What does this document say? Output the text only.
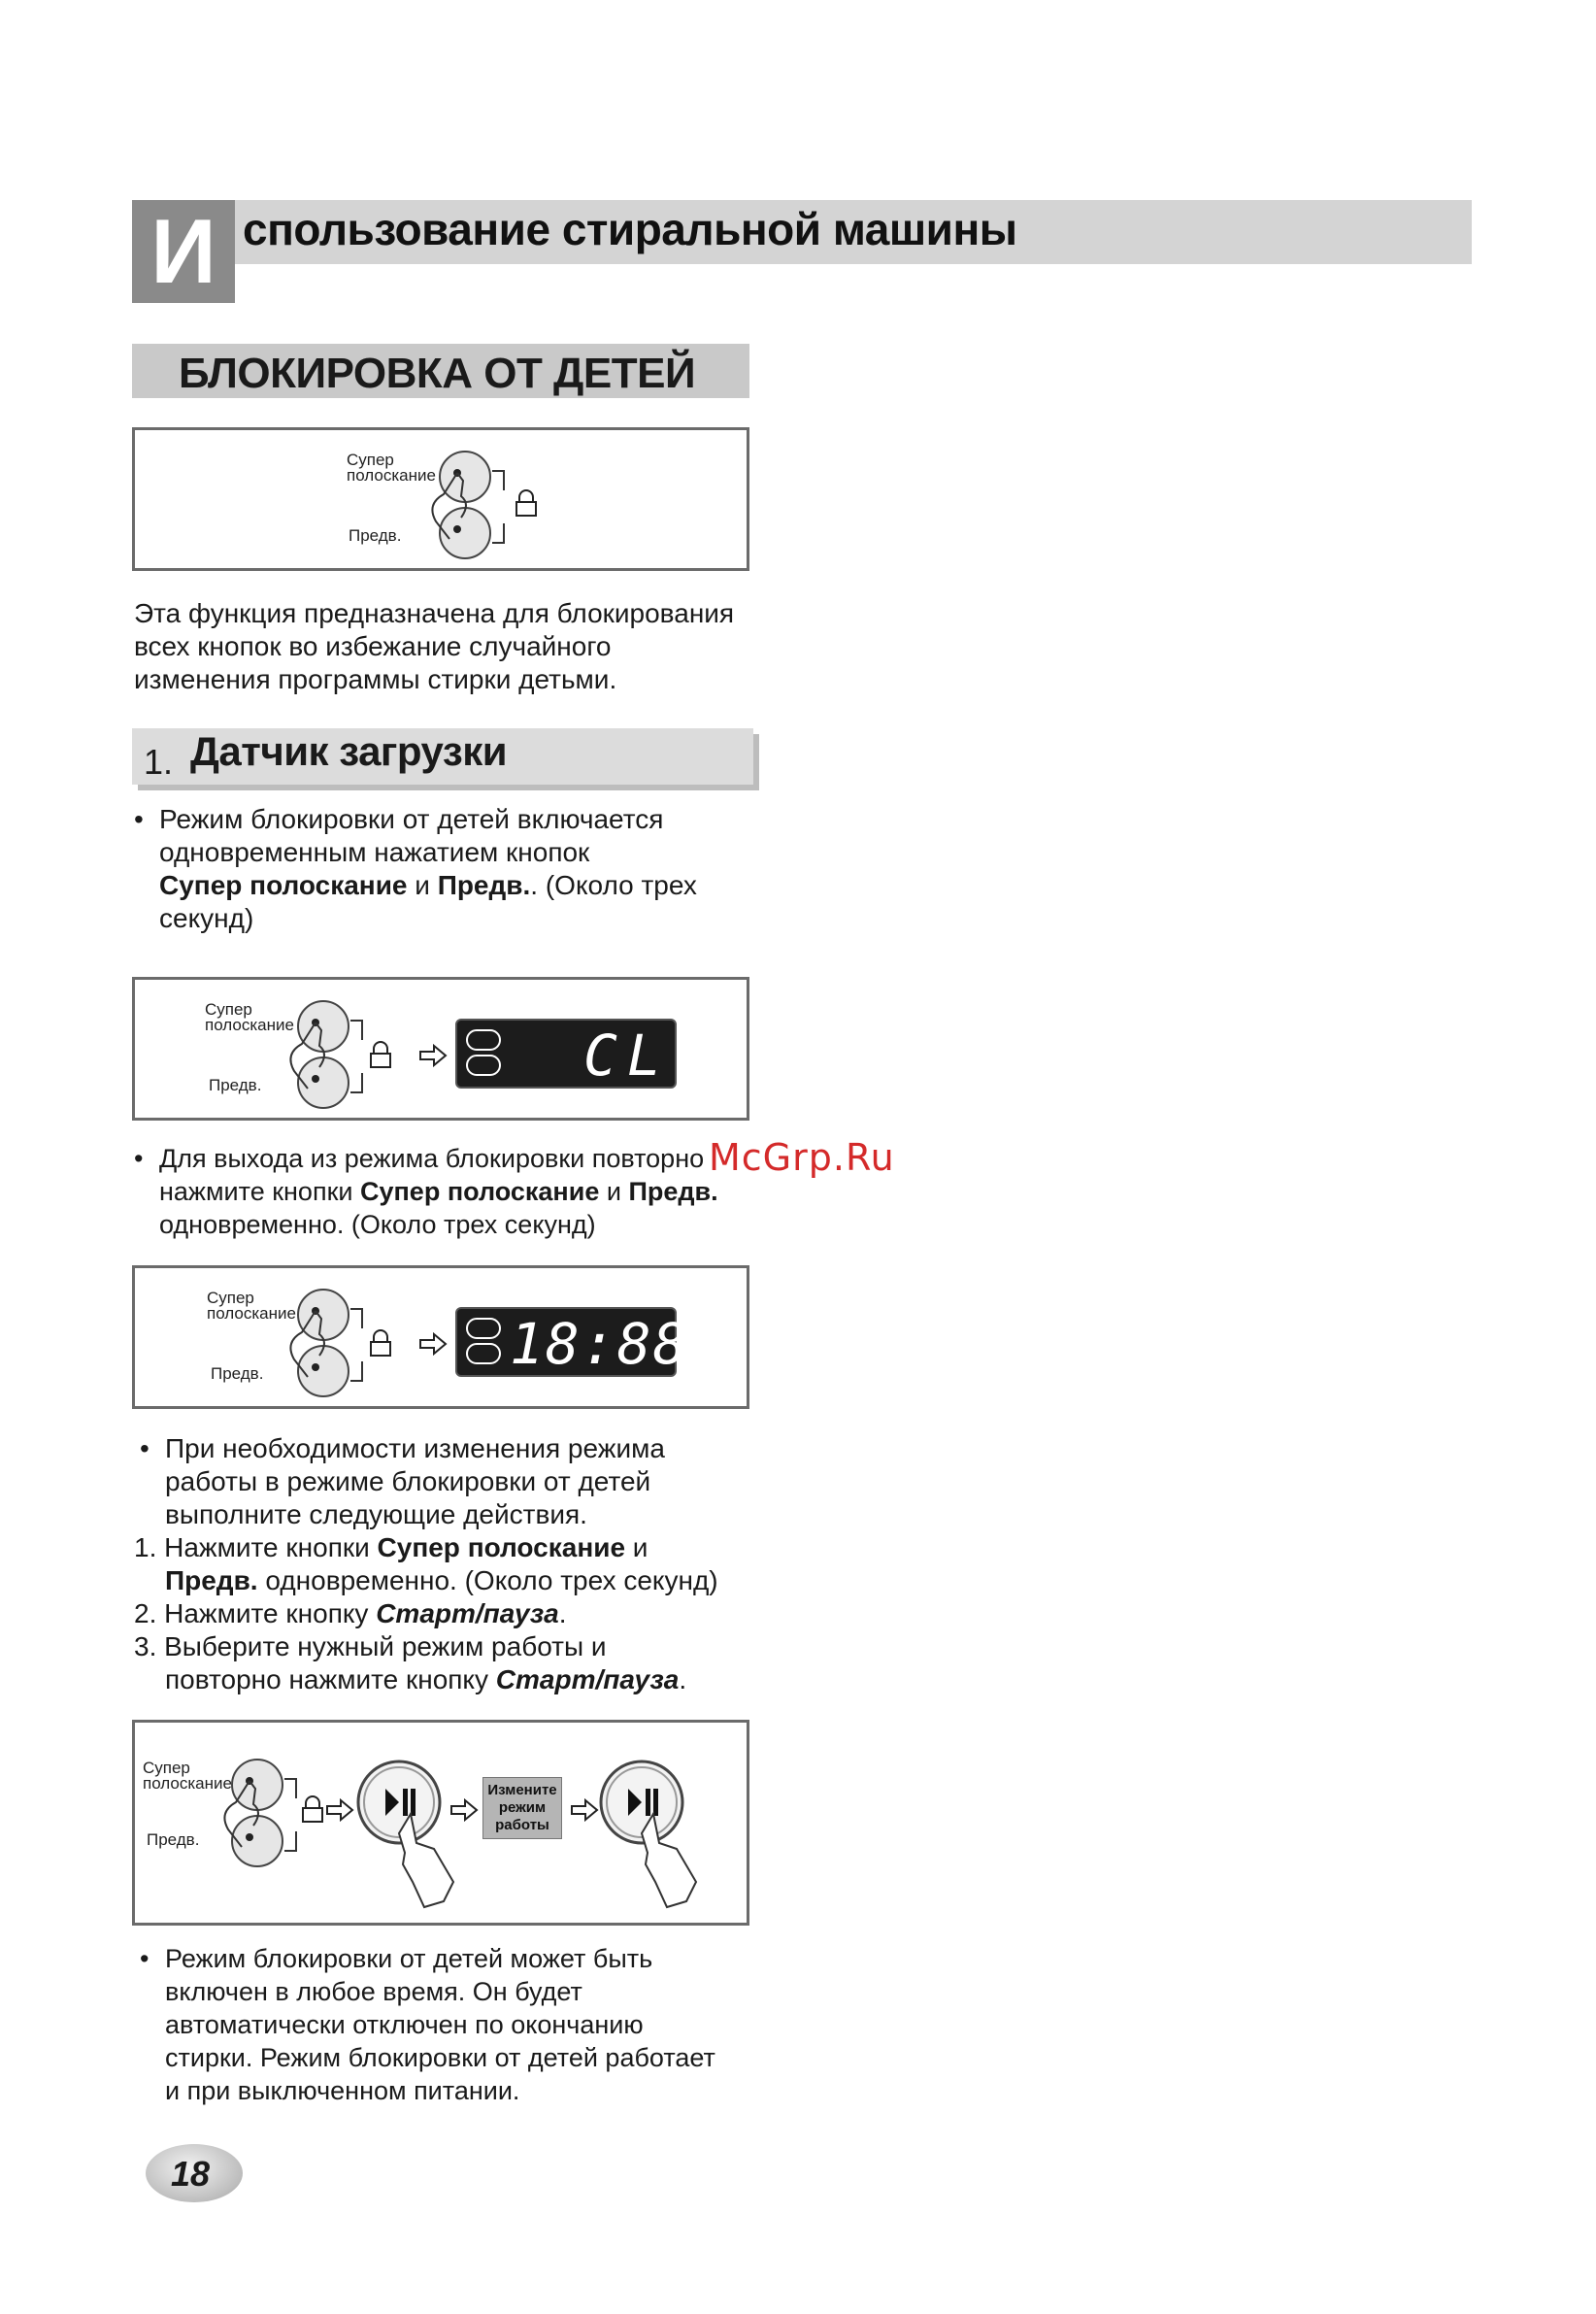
И спользование стиральной машины
БЛОКИРОВКА ОТ ДЕТЕЙ
Супер
полоскание
Предв.
Эта функция предназначена для блокирования
всех кнопок во избежание случайного
изменения программы стирки детьми.
1. Датчик загрузки
• Режим блокировки от детей включается
одновременным нажатием кнопок
Супер полоскание и Предв.. (Около трех
секунд)
Супер
полоскание
Предв.	CL
• Для выхода из режима блокировки повторно
нажмите кнопки Супер полоскание и Предв.
одновременно. (Около трех секунд)
McGrp.Ru
Супер
полоскание
Предв.	18:88
• При необходимости изменения режима
работы в режиме блокировки от детей
выполните следующие действия.
1. Нажмите кнопки Супер полоскание и
Предв. одновременно. (Около трех секунд)
2. Нажмите кнопку Старт/пауза.
3. Выберите нужный режим работы и
повторно нажмите кнопку Старт/пауза.
Супер
полоскание
Предв.
Измените
режим
работы
• Режим блокировки от детей может быть
включен в любое время. Он будет
автоматически отключен по окончанию
стирки. Режим блокировки от детей работает
и при выключенном питании.
18
